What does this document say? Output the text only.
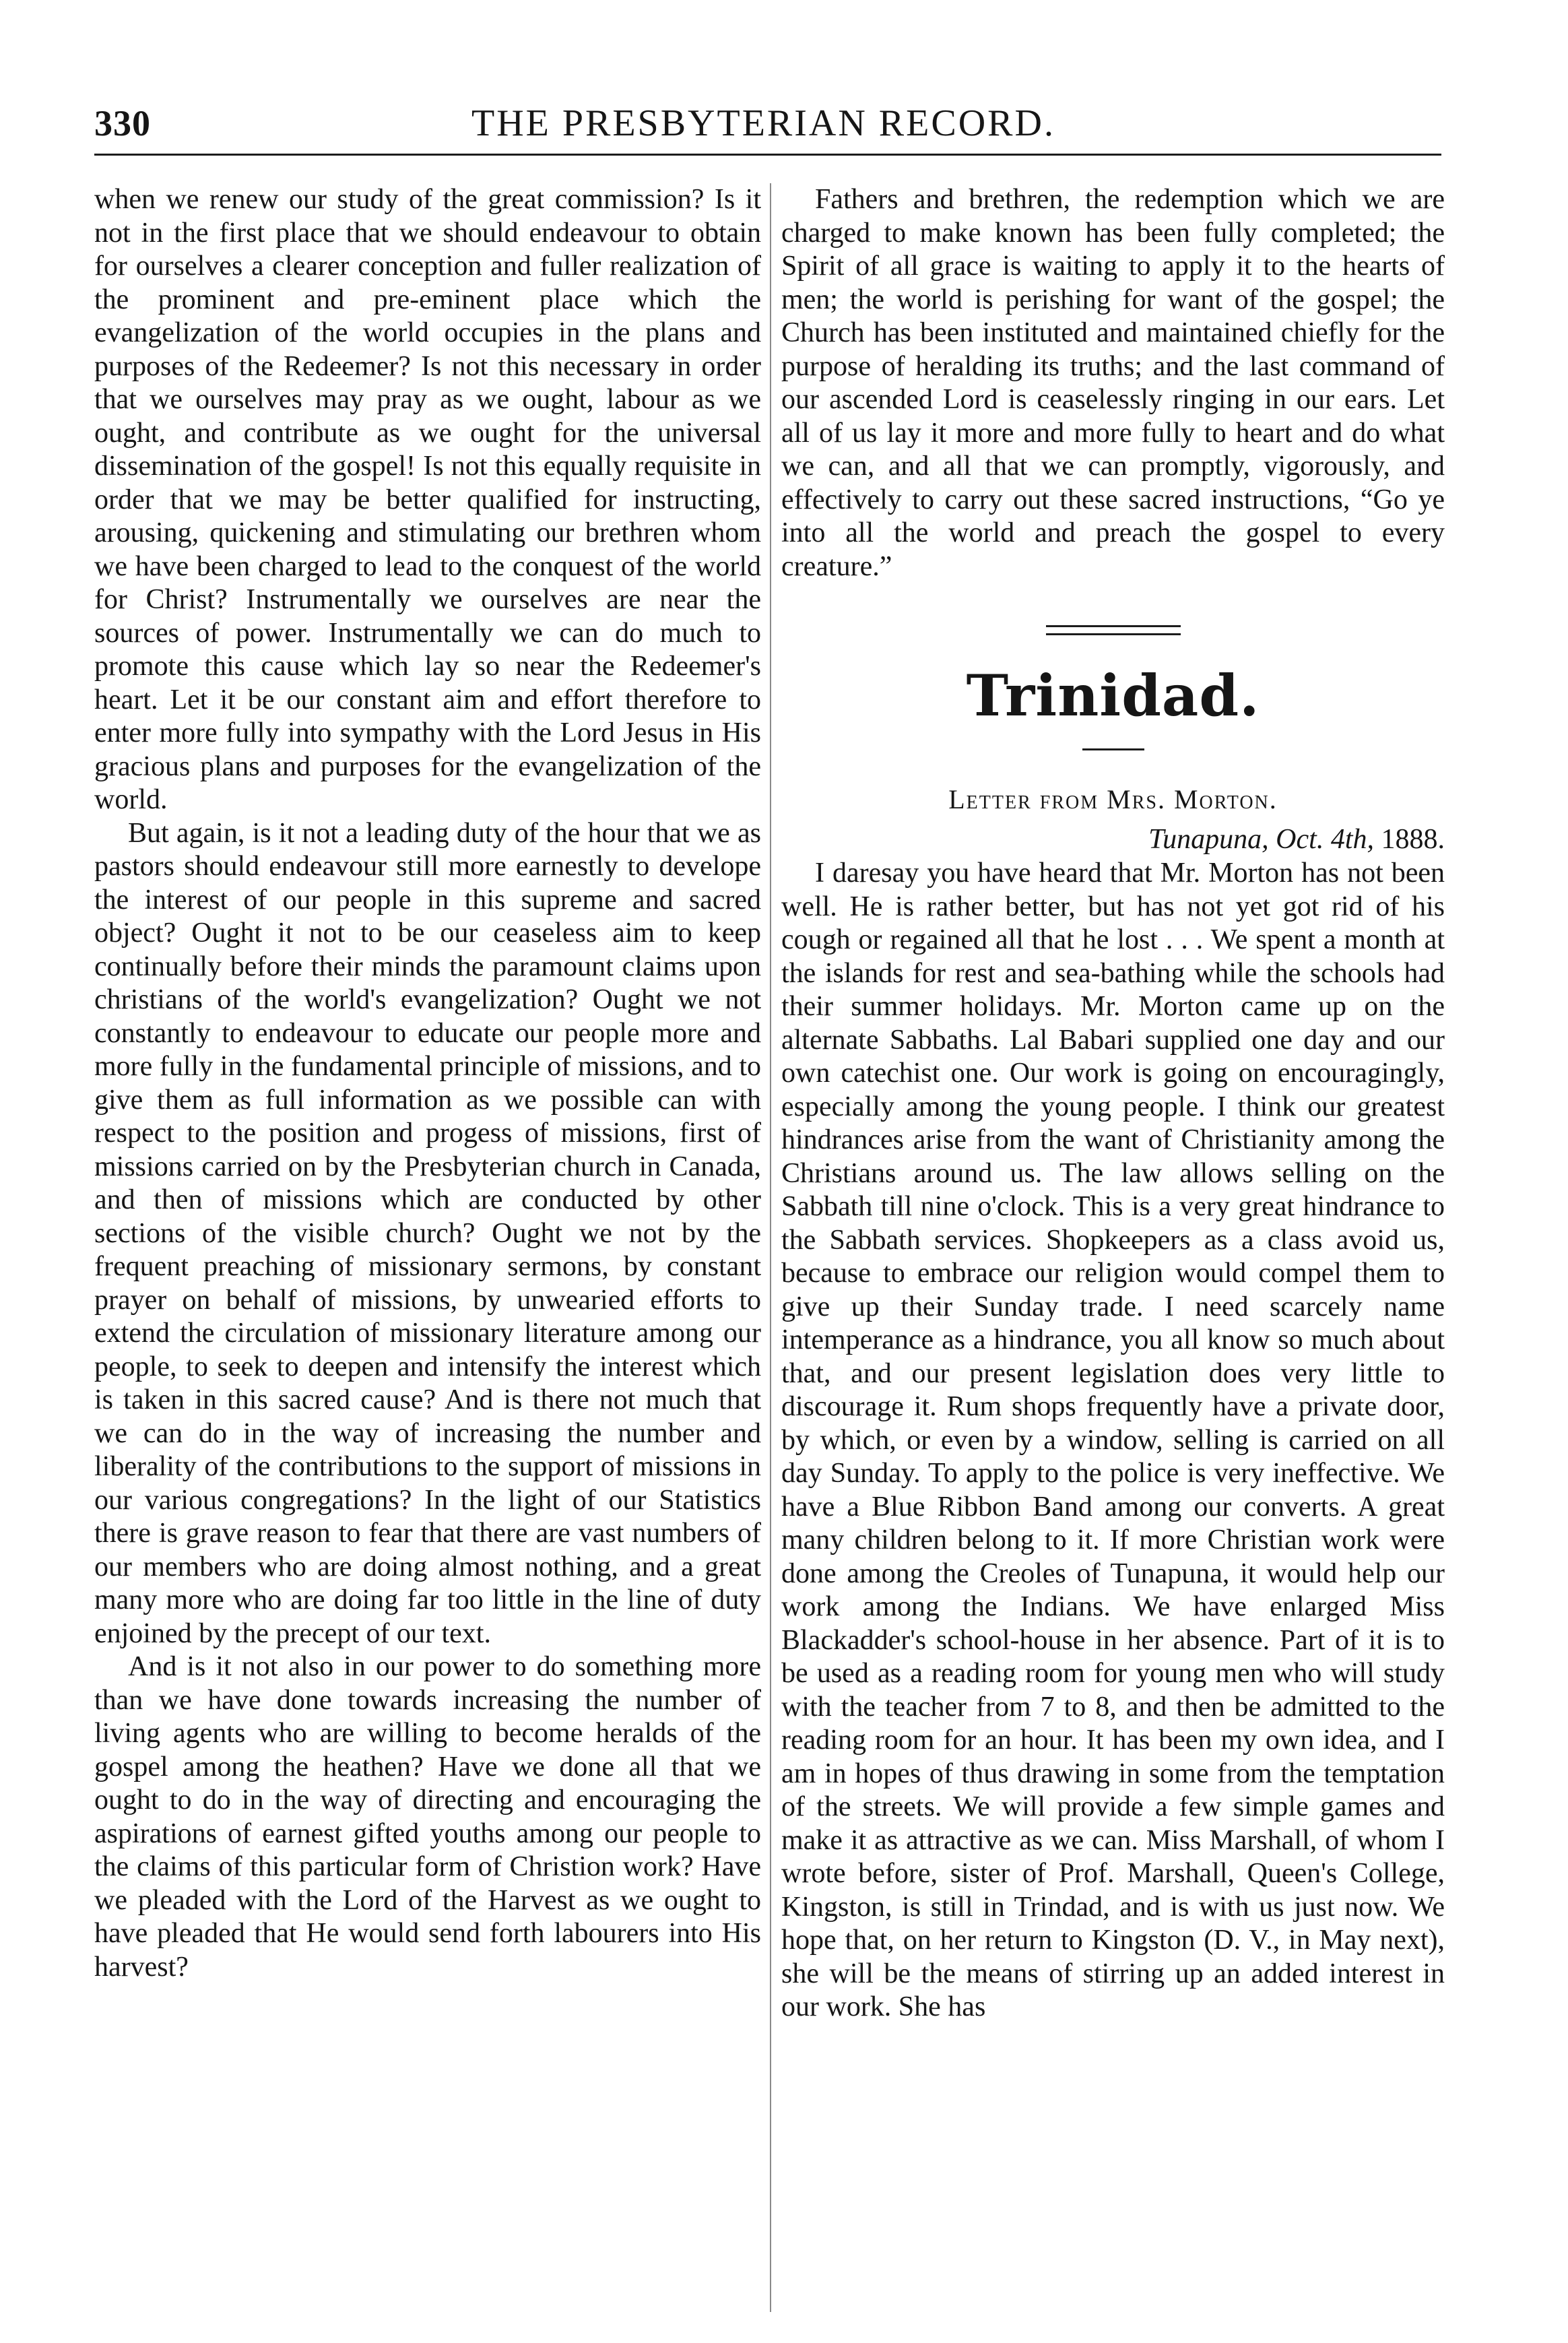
330	THE PRESBYTERIAN RECORD.

when we renew our study of the great commission? Is it not in the first place that we should endeavour to obtain for ourselves a clearer conception and fuller realization of the prominent and pre-eminent place which the evangelization of the world occupies in the plans and purposes of the Redeemer? Is not this necessary in order that we ourselves may pray as we ought, labour as we ought, and contribute as we ought for the universal dissemination of the gospel! Is not this equally requisite in order that we may be better qualified for instructing, arousing, quickening and stimulating our brethren whom we have been charged to lead to the conquest of the world for Christ? Instrumentally we ourselves are near the sources of power. Instrumentally we can do much to promote this cause which lay so near the Redeemer's heart. Let it be our constant aim and effort therefore to enter more fully into sympathy with the Lord Jesus in His gracious plans and purposes for the evangelization of the world.

But again, is it not a leading duty of the hour that we as pastors should endeavour still more earnestly to develope the interest of our people in this supreme and sacred object? Ought it not to be our ceaseless aim to keep continually before their minds the paramount claims upon christians of the world's evangelization? Ought we not constantly to endeavour to educate our people more and more fully in the fundamental principle of missions, and to give them as full information as we possible can with respect to the position and progess of missions, first of missions carried on by the Presbyterian church in Canada, and then of missions which are conducted by other sections of the visible church? Ought we not by the frequent preaching of missionary sermons, by constant prayer on behalf of missions, by unwearied efforts to extend the circulation of missionary literature among our people, to seek to deepen and intensify the interest which is taken in this sacred cause? And is there not much that we can do in the way of increasing the number and liberality of the contributions to the support of missions in our various congregations? In the light of our Statistics there is grave reason to fear that there are vast numbers of our members who are doing almost nothing, and a great many more who are doing far too little in the line of duty enjoined by the precept of our text.

And is it not also in our power to do something more than we have done towards increasing the number of living agents who are willing to become heralds of the gospel among the heathen? Have we done all that we ought to do in the way of directing and encouraging the aspirations of earnest gifted youths among our people to the claims of this particular form of Christion work? Have we pleaded with the Lord of the Harvest as we ought to have pleaded that He would send forth labourers into His harvest?

Fathers and brethren, the redemption which we are charged to make known has been fully completed; the Spirit of all grace is waiting to apply it to the hearts of men; the world is perishing for want of the gospel; the Church has been instituted and maintained chiefly for the purpose of heralding its truths; and the last command of our ascended Lord is ceaselessly ringing in our ears. Let all of us lay it more and more fully to heart and do what we can, and all that we can promptly, vigorously, and effectively to carry out these sacred instructions, “Go ye into all the world and preach the gospel to every creature.”

Trinidad.
Letter from Mrs. Morton.
Tunapuna, Oct. 4th, 1888.

I daresay you have heard that Mr. Morton has not been well. He is rather better, but has not yet got rid of his cough or regained all that he lost . . . We spent a month at the islands for rest and sea-bathing while the schools had their summer holidays. Mr. Morton came up on the alternate Sabbaths. Lal Babari supplied one day and our own catechist one. Our work is going on encouragingly, especially among the young people. I think our greatest hindrances arise from the want of Christianity among the Christians around us. The law allows selling on the Sabbath till nine o'clock. This is a very great hindrance to the Sabbath services. Shopkeepers as a class avoid us, because to embrace our religion would compel them to give up their Sunday trade. I need scarcely name intemperance as a hindrance, you all know so much about that, and our present legislation does very little to discourage it. Rum shops frequently have a private door, by which, or even by a window, selling is carried on all day Sunday. To apply to the police is very ineffective. We have a Blue Ribbon Band among our converts. A great many children belong to it. If more Christian work were done among the Creoles of Tunapuna, it would help our work among the Indians. We have enlarged Miss Blackadder's school-house in her absence. Part of it is to be used as a reading room for young men who will study with the teacher from 7 to 8, and then be admitted to the reading room for an hour. It has been my own idea, and I am in hopes of thus drawing in some from the temptation of the streets. We will provide a few simple games and make it as attractive as we can. Miss Marshall, of whom I wrote before, sister of Prof. Marshall, Queen's College, Kingston, is still in Trindad, and is with us just now. We hope that, on her return to Kingston (D. V., in May next), she will be the means of stirring up an added interest in our work. She has
